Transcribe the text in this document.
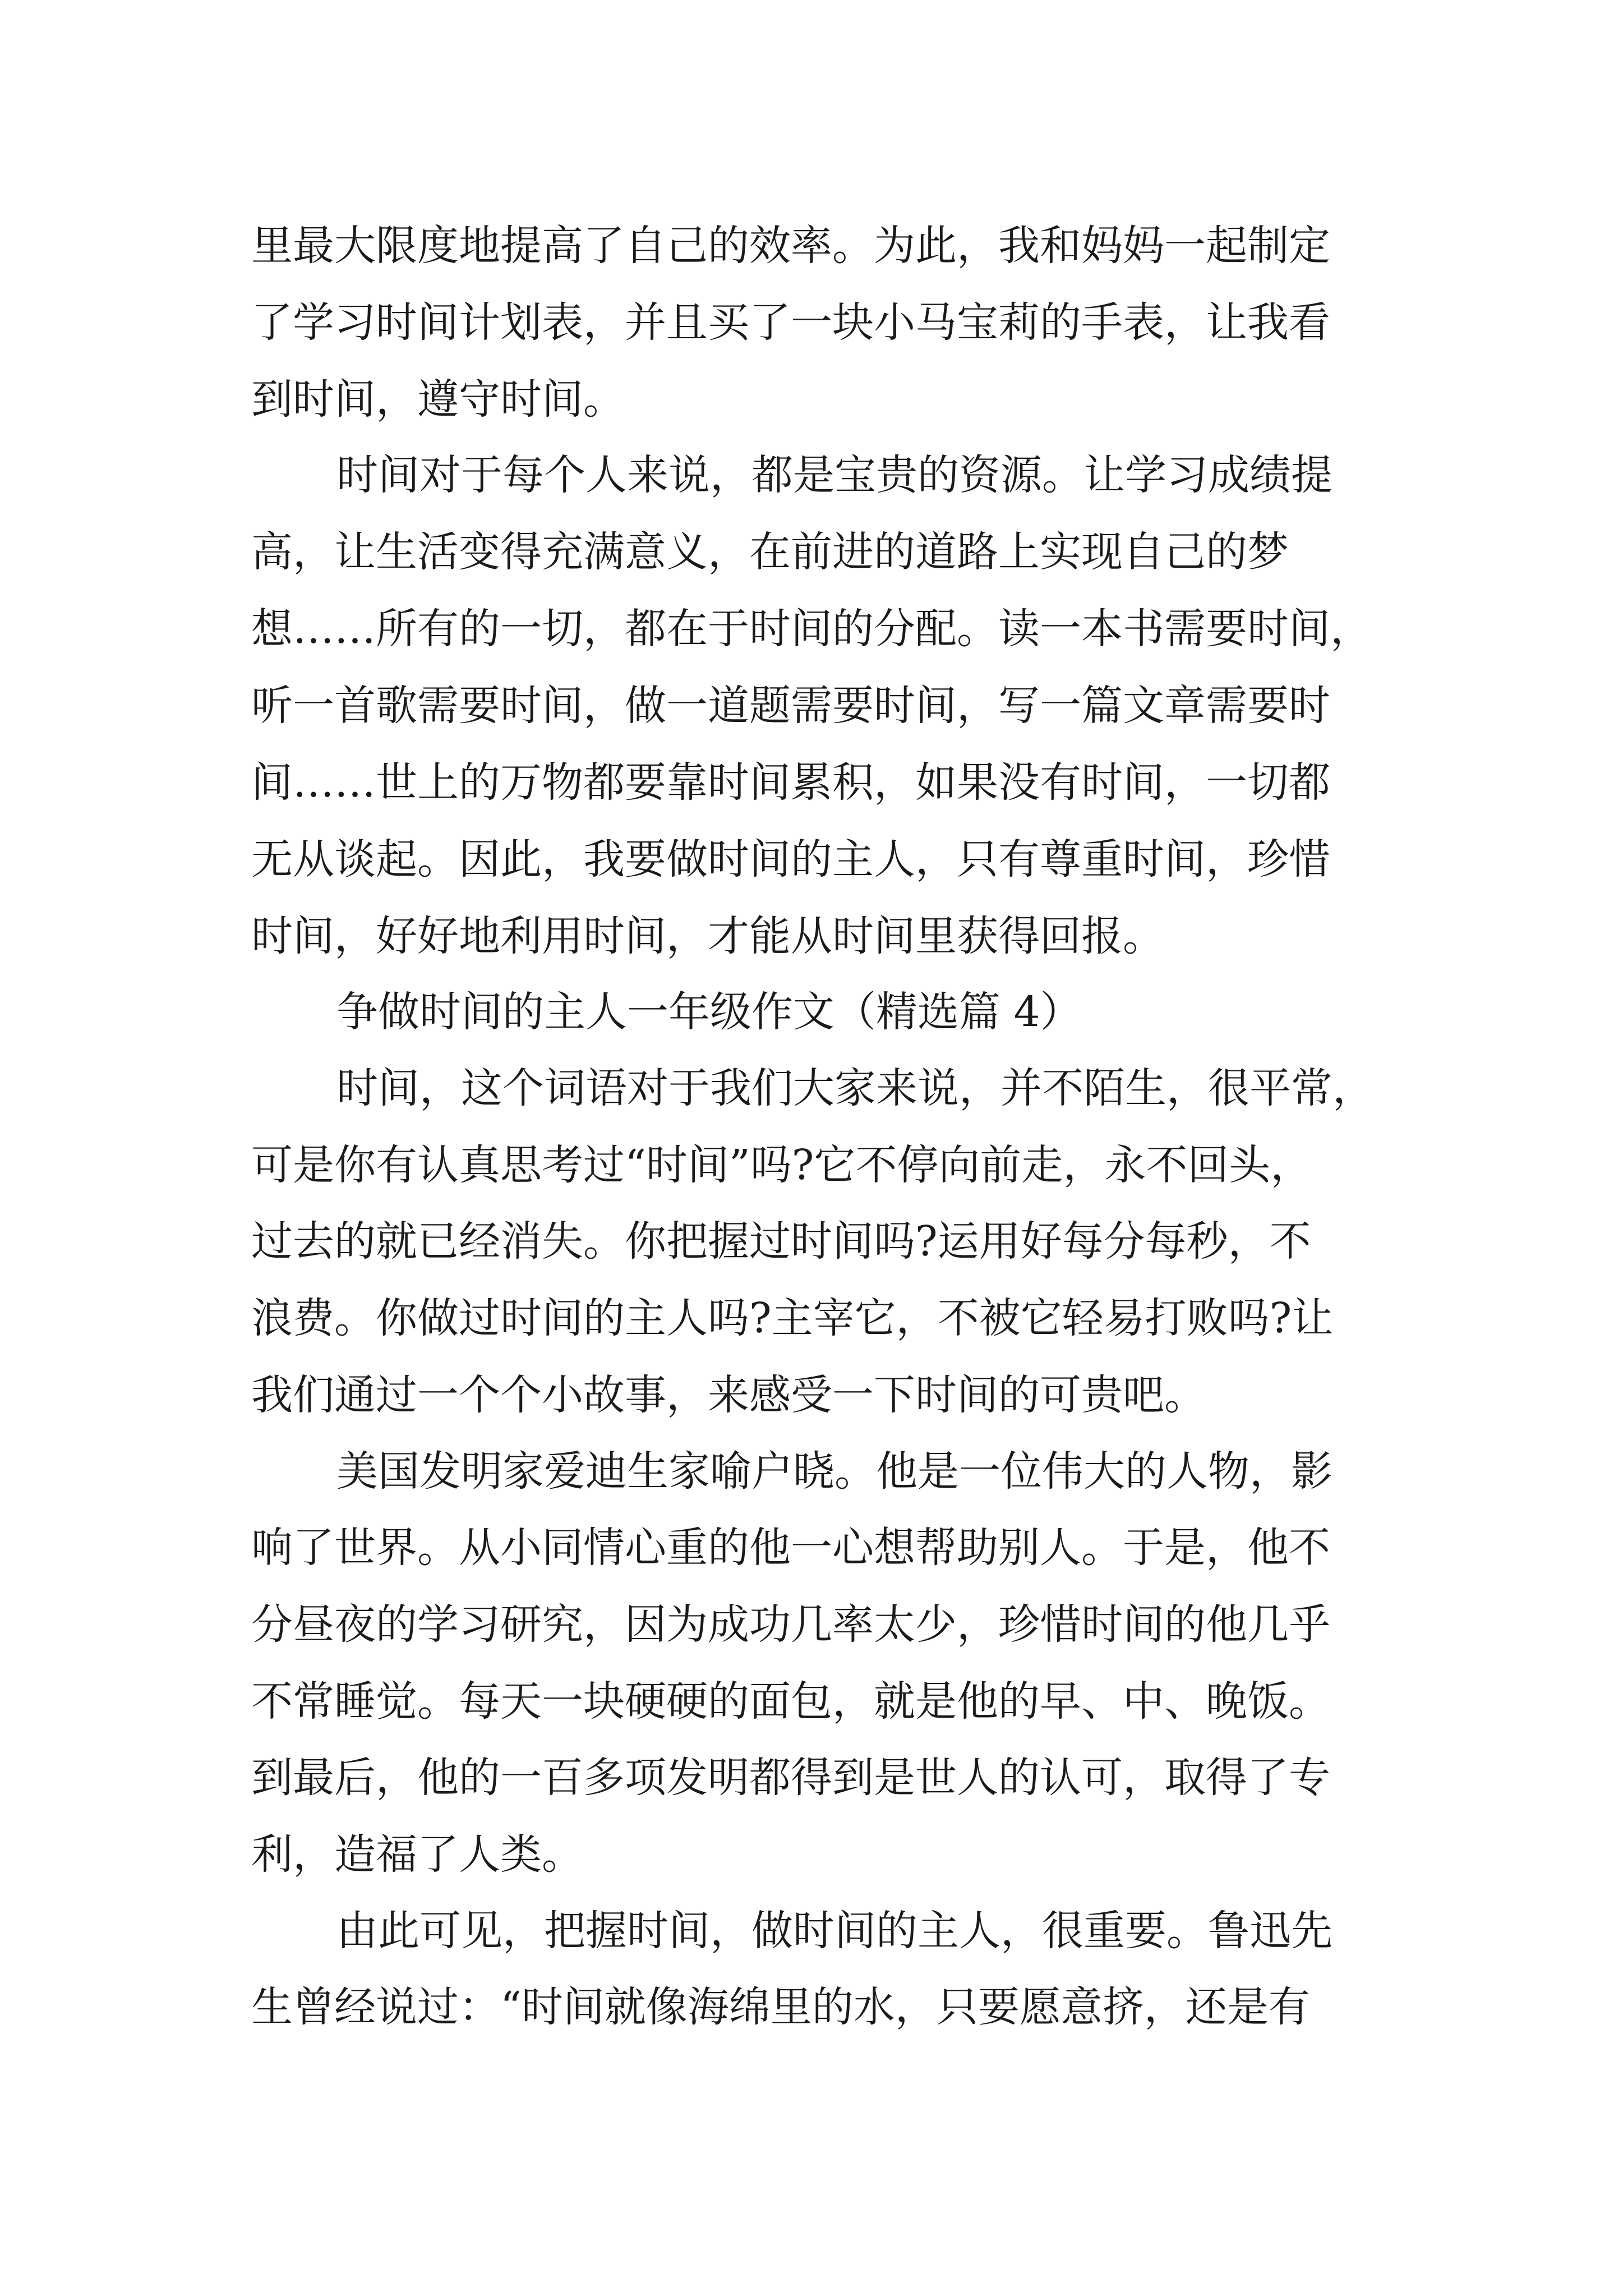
里最大限度地提高了自己的效率。为此，我和妈妈一起制定
了学习时间计划表，并且买了一块小马宝莉的手表，让我看
到时间，遵守时间。
时间对于每个人来说，都是宝贵的资源。让学习成绩提
高，让生活变得充满意义，在前进的道路上实现自己的梦
想……所有的一切，都在于时间的分配。读一本书需要时间，
听一首歌需要时间，做一道题需要时间，写一篇文章需要时
间……世上的万物都要靠时间累积，如果没有时间，一切都
无从谈起。因此，我要做时间的主人，只有尊重时间，珍惜
时间，好好地利用时间，才能从时间里获得回报。
争做时间的主人一年级作文（精选篇 4）
时间，这个词语对于我们大家来说，并不陌生，很平常，
可是你有认真思考过“时间”吗?它不停向前走，永不回头，
过去的就已经消失。你把握过时间吗?运用好每分每秒，不
浪费。你做过时间的主人吗?主宰它，不被它轻易打败吗?让
我们通过一个个小故事，来感受一下时间的可贵吧。
美国发明家爱迪生家喻户晓。他是一位伟大的人物，影
响了世界。从小同情心重的他一心想帮助别人。于是，他不
分昼夜的学习研究，因为成功几率太少，珍惜时间的他几乎
不常睡觉。每天一块硬硬的面包，就是他的早、中、晚饭。
到最后，他的一百多项发明都得到是世人的认可，取得了专
利，造福了人类。
由此可见，把握时间，做时间的主人，很重要。鲁迅先
生曾经说过：“时间就像海绵里的水，只要愿意挤，还是有
